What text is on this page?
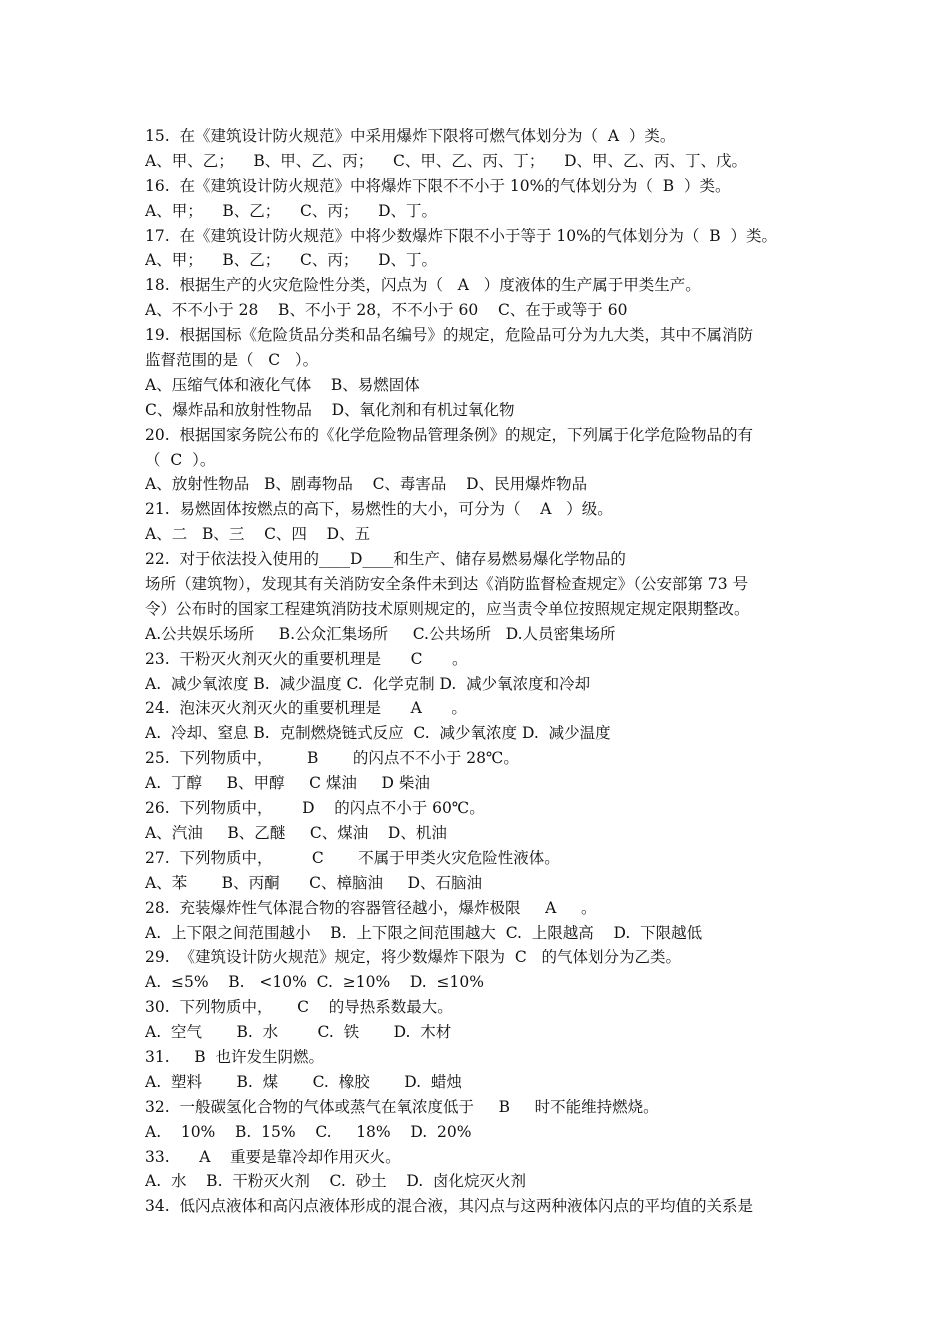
15.  在《建筑设计防火规范》中采用爆炸下限将可燃气体划分为（  A  ）类。
A、甲、乙；    B、甲、乙、丙；    C、甲、乙、丙、丁；    D、甲、乙、丙、丁、戊。
16.  在《建筑设计防火规范》中将爆炸下限不不小于 10%的气体划分为（  B  ）类。
A、甲；    B、乙；    C、丙；    D、丁。
17.  在《建筑设计防火规范》中将少数爆炸下限不小于等于 10%的气体划分为（  B  ）类。
A、甲；    B、乙；    C、丙；    D、丁。
18.  根据生产的火灾危险性分类，闪点为（   A   ）度液体的生产属于甲类生产。
A、不不小于 28    B、不小于 28，不不小于 60    C、在于或等于 60
19.  根据国标《危险货品分类和品名编号》的规定，危险品可分为九大类，其中不属消防
监督范围的是（   C   ）。
A、压缩气体和液化气体    B、易燃固体
C、爆炸品和放射性物品    D、氧化剂和有机过氧化物
20.  根据国家务院公布的《化学危险物品管理条例》的规定，下列属于化学危险物品的有
（  C  ）。
A、放射性物品   B、剧毒物品    C、毒害品    D、民用爆炸物品
21.  易燃固体按燃点的高下，易燃性的大小，可分为（    A   ）级。
A、二   B、三    C、四    D、五
22.  对于依法投入使用的____D____和生产、储存易燃易爆化学物品的
场所（建筑物），发现其有关消防安全条件未到达《消防监督检查规定》（公安部第 73 号
令）公布时的国家工程建筑消防技术原则规定的，应当责令单位按照规定规定限期整改。
A.公共娱乐场所     B.公众汇集场所     C.公共场所   D.人员密集场所
23.  干粉灭火剂灭火的重要机理是      C      。
A.  减少氧浓度 B.  减少温度 C.  化学克制 D.  减少氧浓度和冷却
24.  泡沫灭火剂灭火的重要机理是      A      。
A.  冷却、窒息 B.  克制燃烧链式反应  C.  减少氧浓度 D.  减少温度
25.  下列物质中，       B       的闪点不不小于 28℃。
A.  丁醇     B、甲醇     C 煤油     D 柴油
26.  下列物质中，      D    的闪点不小于 60℃。
A、汽油     B、乙醚     C、煤油    D、机油
27.  下列物质中，        C       不属于甲类火灾危险性液体。
A、苯       B、丙酮      C、樟脑油     D、石脑油
28.  充装爆炸性气体混合物的容器管径越小，爆炸极限     A     。
A.  上下限之间范围越小    B.  上下限之间范围越大  C.  上限越高    D.  下限越低
29.  《建筑设计防火规范》规定，将少数爆炸下限为  C   的气体划分为乙类。
A.  ≤5%    B.   <10%  C.  ≥10%    D.  ≤10%
30.  下列物质中，     C    的导热系数最大。
A.  空气       B.  水        C.  铁       D.  木材
31.     B  也许发生阴燃。
A.  塑料       B.  煤       C.  橡胶       D.  蜡烛
32.  一般碳氢化合物的气体或蒸气在氧浓度低于     B     时不能维持燃烧。
A.    10%    B.  15%    C.     18%    D.  20%
33.      A    重要是靠冷却作用灭火。
A.  水    B.  干粉灭火剂    C.  砂土    D.  卤化烷灭火剂
34.  低闪点液体和高闪点液体形成的混合液，其闪点与这两种液体闪点的平均值的关系是
